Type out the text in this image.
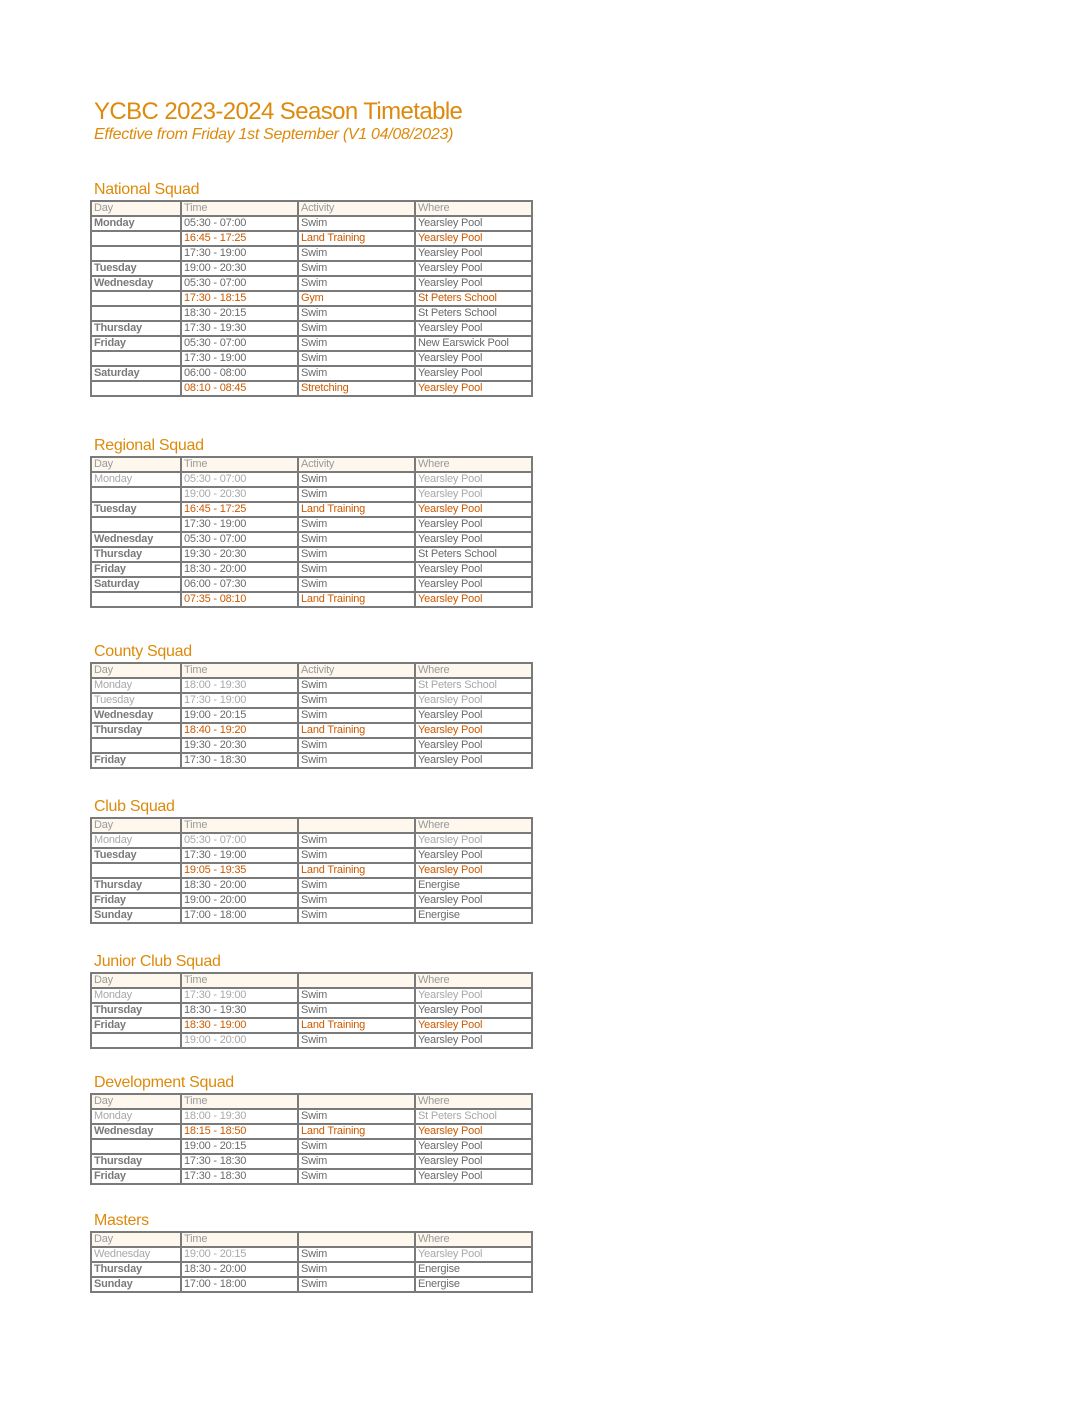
YCBC 2023-2024 Season Timetable
Effective from Friday 1st September (V1 04/08/2023)
National Squad
Day	Time	Activity	Where
Monday	05:30 - 07:00	Swim	Yearsley Pool
	16:45 - 17:25	Land Training	Yearsley Pool
	17:30 - 19:00	Swim	Yearsley Pool
Tuesday	19:00 - 20:30	Swim	Yearsley Pool
Wednesday	05:30 - 07:00	Swim	Yearsley Pool
	17:30 - 18:15	Gym	St Peters School
	18:30 - 20:15	Swim	St Peters School
Thursday	17:30 - 19:30	Swim	Yearsley Pool
Friday	05:30 - 07:00	Swim	New Earswick Pool
	17:30 - 19:00	Swim	Yearsley Pool
Saturday	06:00 - 08:00	Swim	Yearsley Pool
	08:10 - 08:45	Stretching	Yearsley Pool
Regional Squad
Day	Time	Activity	Where
Monday	05:30 - 07:00	Swim	Yearsley Pool
	19:00 - 20:30	Swim	Yearsley Pool
Tuesday	16:45 - 17:25	Land Training	Yearsley Pool
	17:30 - 19:00	Swim	Yearsley Pool
Wednesday	05:30 - 07:00	Swim	Yearsley Pool
Thursday	19:30 - 20:30	Swim	St Peters School
Friday	18:30 - 20:00	Swim	Yearsley Pool
Saturday	06:00 - 07:30	Swim	Yearsley Pool
	07:35 - 08:10	Land Training	Yearsley Pool
County Squad
Day	Time	Activity	Where
Monday	18:00 - 19:30	Swim	St Peters School
Tuesday	17:30 - 19:00	Swim	Yearsley Pool
Wednesday	19:00 - 20:15	Swim	Yearsley Pool
Thursday	18:40 - 19:20	Land Training	Yearsley Pool
	19:30 - 20:30	Swim	Yearsley Pool
Friday	17:30 - 18:30	Swim	Yearsley Pool
Club Squad
Day	Time		Where
Monday	05:30 - 07:00	Swim	Yearsley Pool
Tuesday	17:30 - 19:00	Swim	Yearsley Pool
	19:05 - 19:35	Land Training	Yearsley Pool
Thursday	18:30 - 20:00	Swim	Energise
Friday	19:00 - 20:00	Swim	Yearsley Pool
Sunday	17:00 - 18:00	Swim	Energise
Junior Club Squad
Day	Time		Where
Monday	17:30 - 19:00	Swim	Yearsley Pool
Thursday	18:30 - 19:30	Swim	Yearsley Pool
Friday	18:30 - 19:00	Land Training	Yearsley Pool
	19:00 - 20:00	Swim	Yearsley Pool
Development Squad
Day	Time		Where
Monday	18:00 - 19:30	Swim	St Peters School
Wednesday	18:15 - 18:50	Land Training	Yearsley Pool
	19:00 - 20:15	Swim	Yearsley Pool
Thursday	17:30 - 18:30	Swim	Yearsley Pool
Friday	17:30 - 18:30	Swim	Yearsley Pool
Masters
Day	Time		Where
Wednesday	19:00 - 20:15	Swim	Yearsley Pool
Thursday	18:30 - 20:00	Swim	Energise
Sunday	17:00 - 18:00	Swim	Energise
